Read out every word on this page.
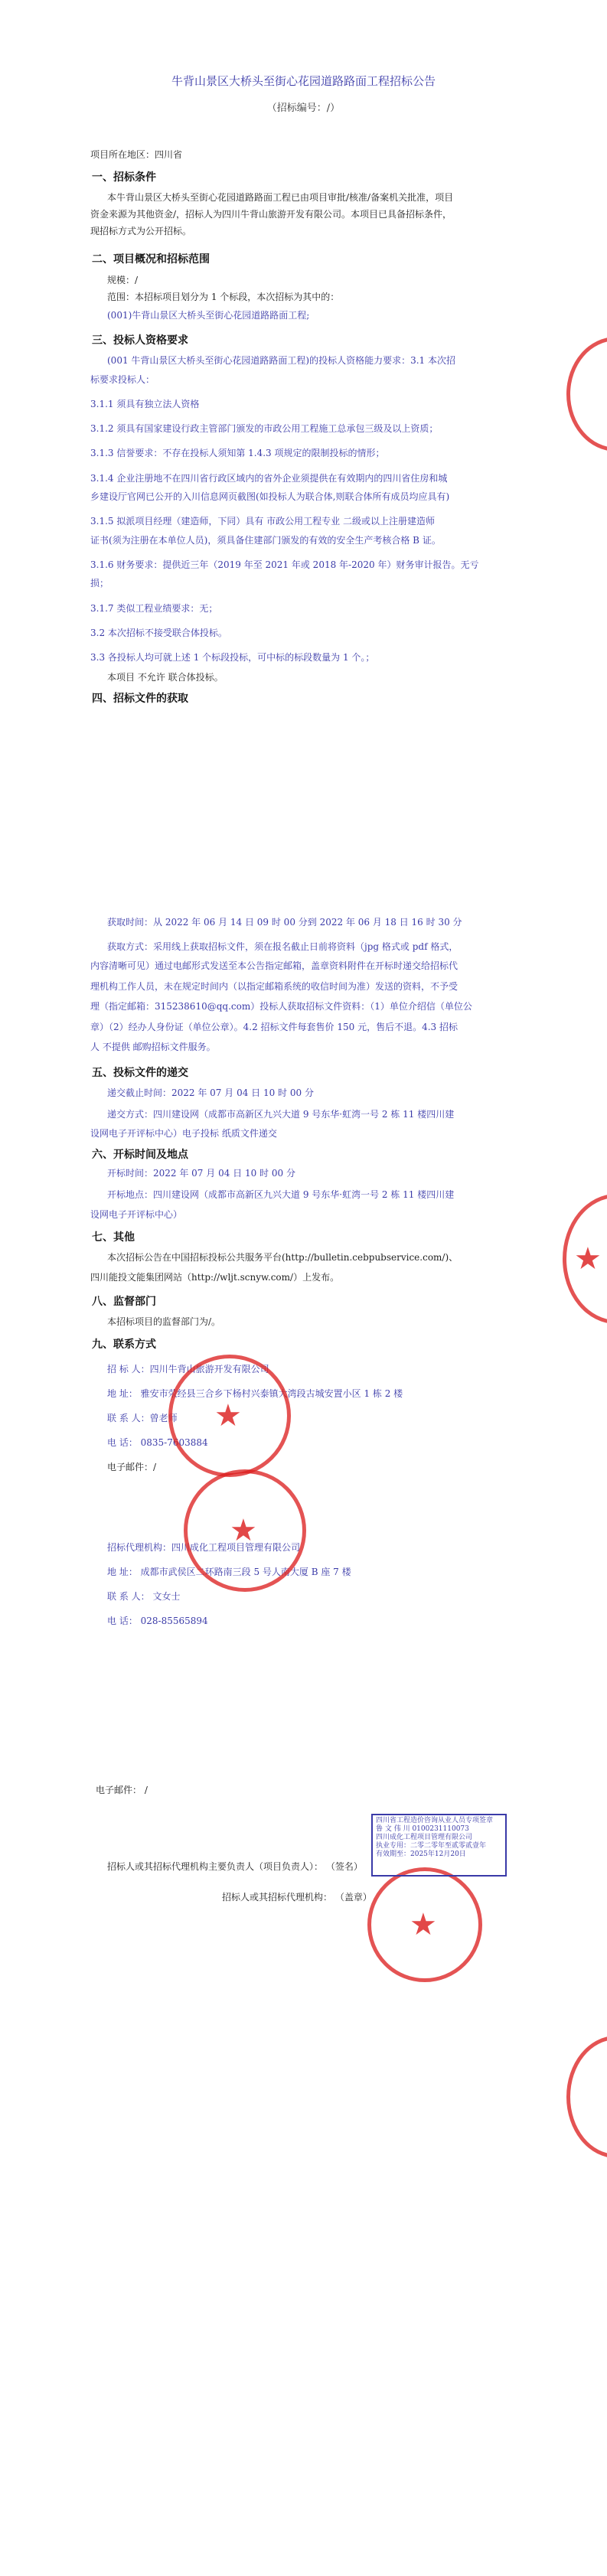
牛背山景区大桥头至街心花园道路路面工程招标公告
（招标编号：/）
项目所在地区：四川省
一、招标条件
本牛背山景区大桥头至街心花园道路路面工程已由项目审批/核准/备案机关批准，项目
资金来源为其他资金/，招标人为四川牛背山旅游开发有限公司。本项目已具备招标条件，
现招标方式为公开招标。
二、项目概况和招标范围
规模：/
范围：本招标项目划分为 1 个标段，本次招标为其中的：
(001)牛背山景区大桥头至街心花园道路路面工程;
三、投标人资格要求
(001 牛背山景区大桥头至街心花园道路路面工程)的投标人资格能力要求：3.1 本次招
标要求投标人：
3.1.1 须具有独立法人资格
3.1.2 须具有国家建设行政主管部门颁发的市政公用工程施工总承包三级及以上资质；
3.1.3 信誉要求：不存在投标人须知第 1.4.3 项规定的限制投标的情形；
3.1.4 企业注册地不在四川省行政区域内的省外企业须提供在有效期内的四川省住房和城
乡建设厅官网已公开的入川信息网页截图(如投标人为联合体,则联合体所有成员均应具有)
3.1.5 拟派项目经理（建造师，下同）具有 市政公用工程专业 二级或以上注册建造师
证书(须为注册在本单位人员)，须具备住建部门颁发的有效的安全生产考核合格 B 证。
3.1.6 财务要求：提供近三年（2019 年至 2021 年或 2018 年-2020 年）财务审计报告。无亏
损；
3.1.7 类似工程业绩要求：无；
3.2 本次招标不接受联合体投标。
3.3 各投标人均可就上述 1 个标段投标，可中标的标段数量为 1 个。；
本项目 不允许 联合体投标。
四、招标文件的获取
获取时间：从 2022 年 06 月 14 日 09 时 00 分到 2022 年 06 月 18 日 16 时 30 分
获取方式：采用线上获取招标文件，须在报名截止日前将资料（jpg 格式或 pdf 格式，
内容清晰可见）通过电邮形式发送至本公告指定邮箱，盖章资料附件在开标时递交给招标代
理机构工作人员，未在规定时间内（以指定邮箱系统的收信时间为准）发送的资料，不予受
理（指定邮箱：315238610@qq.com）投标人获取招标文件资料：（1）单位介绍信（单位公
章）（2）经办人身份证（单位公章）。4.2 招标文件每套售价 150 元，售后不退。4.3 招标
人 不提供 邮购招标文件服务。
五、投标文件的递交
递交截止时间：2022 年 07 月 04 日 10 时 00 分
递交方式：四川建设网（成都市高新区九兴大道 9 号东华·虹湾一号 2 栋 11 楼四川建
设网电子开评标中心）电子投标 纸质文件递交
六、开标时间及地点
开标时间：2022 年 07 月 04 日 10 时 00 分
开标地点：四川建设网（成都市高新区九兴大道 9 号东华·虹湾一号 2 栋 11 楼四川建
设网电子开评标中心）
七、其他
本次招标公告在中国招标投标公共服务平台(http://bulletin.cebpubservice.com/)、
四川能投文能集团网站（http://wljt.scnyw.com/）上发布。
八、监督部门
本招标项目的监督部门为/。
九、联系方式
招 标 人：四川牛背山旅游开发有限公司
地 址： 雅安市荥经县三合乡下杨村兴泰镇大湾段古城安置小区 1 栋 2 楼
联 系 人：曾老师
电 话： 0835-7603884
电子邮件：/
招标代理机构：四川成化工程项目管理有限公司
地 址： 成都市武侯区二环路南三段 5 号人南大厦 B 座 7 楼
联 系 人： 文女士
电 话： 028-85565894
电子邮件： /
招标人或其招标代理机构主要负责人（项目负责人）： （签名）
招标人或其招标代理机构： （盖章）
★
★
★
★
四川省工程造价咨询从业人员专项签章
鲁 文 伟 川 0100231110073
四川成化工程项目管理有限公司
执业专用：二零二零年至贰零贰壹年
有效期至：2025年12月20日
